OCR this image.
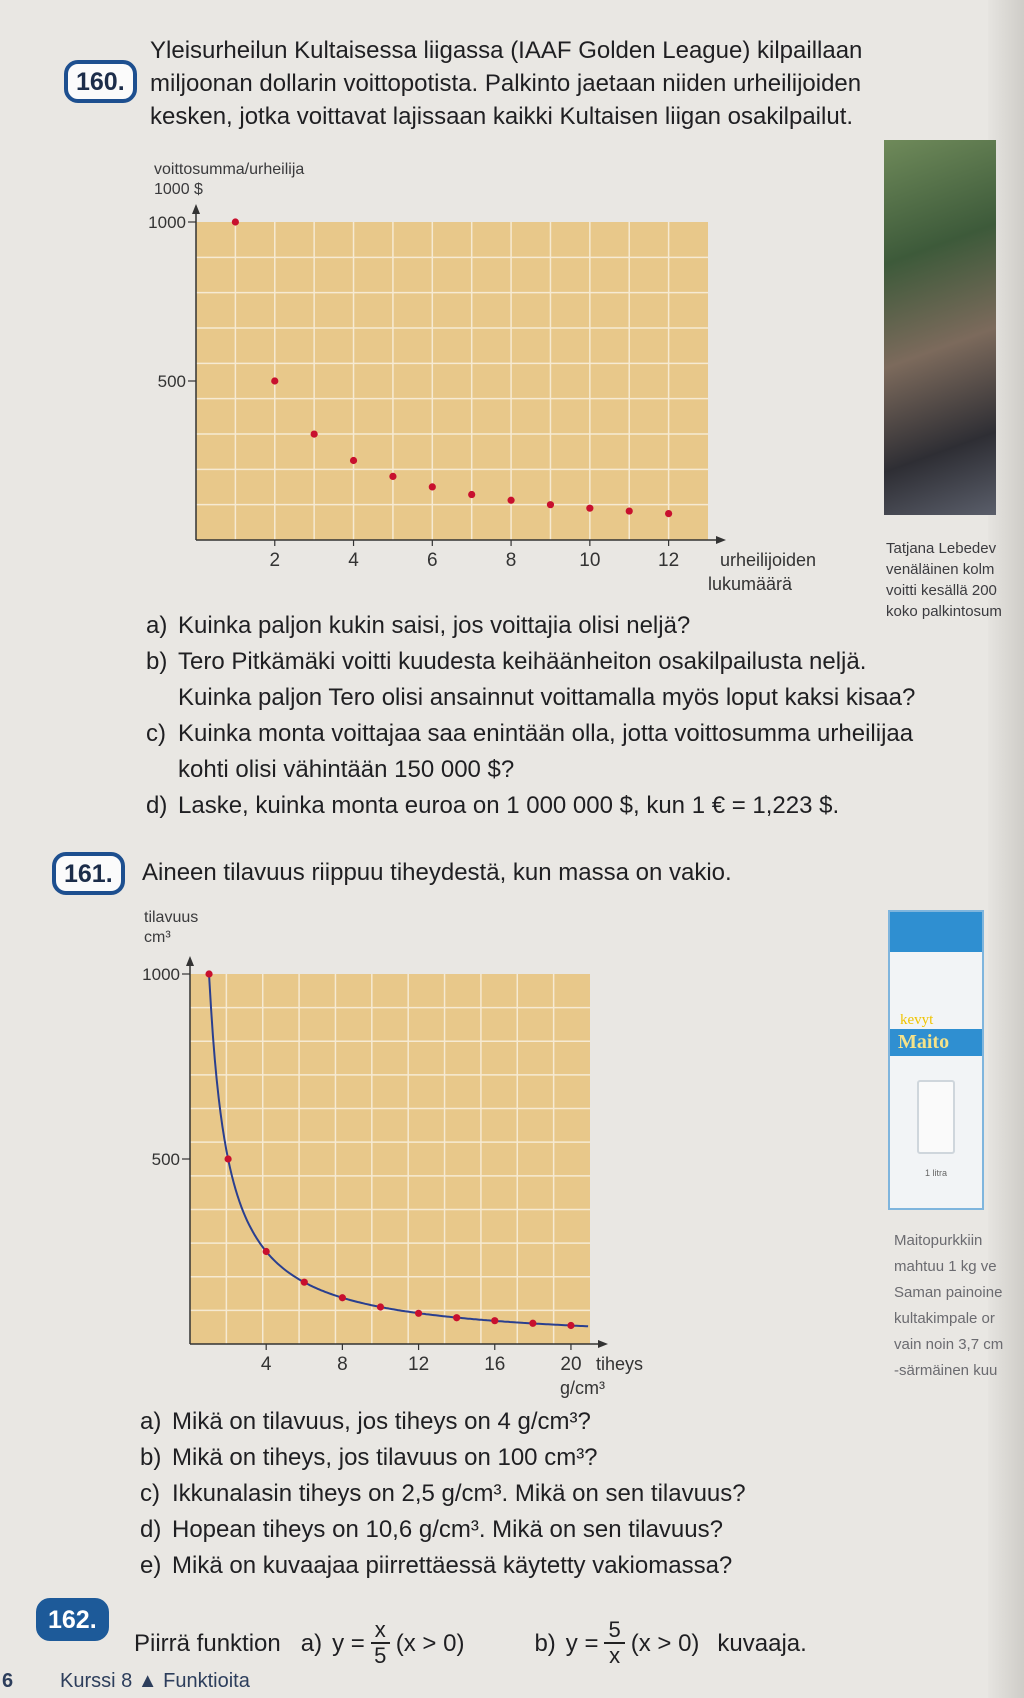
160.
Yleisurheilun Kultaisessa liigassa (IAAF Golden League) kilpaillaan
miljoonan dollarin voittopotista. Palkinto jaetaan niiden urheilijoiden
kesken, jotka voittavat lajissaan kaikki Kultaisen liigan osakilpailut.
2	4	6	8	10	12
500
1000
voittosumma/urheilija
1000 $
urheilijoiden
lukumäärä
Tatjana Lebedev
venäläinen kolm
voitti kesällä 200
koko palkintosum
a) Kuinka paljon kukin saisi, jos voittajia olisi neljä?
b) Tero Pitkämäki voitti kuudesta keihäänheiton osakilpailusta neljä.
Kuinka paljon Tero olisi ansainnut voittamalla myös loput kaksi kisaa?
c) Kuinka monta voittajaa saa enintään olla, jotta voittosumma urheilijaa
kohti olisi vähintään 150 000 $?
d) Laske, kuinka monta euroa on 1 000 000 $, kun 1 € = 1,223 $.
161.	Aineen tilavuus riippuu tiheydestä, kun massa on vakio.
4	8	12	16	20
500
1000
tilavuus
cm³
tiheys
g/cm³
kevyt
Maito
1 litra
Maitopurkkiin
mahtuu 1 kg ve
Saman painoine
kultakimpale or
vain noin 3,7 cm
-särmäinen kuu
a) Mikä on tilavuus, jos tiheys on 4 g/cm³?
b) Mikä on tiheys, jos tilavuus on 100 cm³?
c) Ikkunalasin tiheys on 2,5 g/cm³. Mikä on sen tilavuus?
d) Hopean tiheys on 10,6 g/cm³. Mikä on sen tilavuus?
e) Mikä on kuvaajaa piirrettäessä käytetty vakiomassa?
162.
Piirrä funktion a) $y = \frac{x}{5} (x > 0)$	b) $y = \frac{5}{x} (x > 0)$ kuvaaja.
6 Kurssi 8 ▲ Funktioita
